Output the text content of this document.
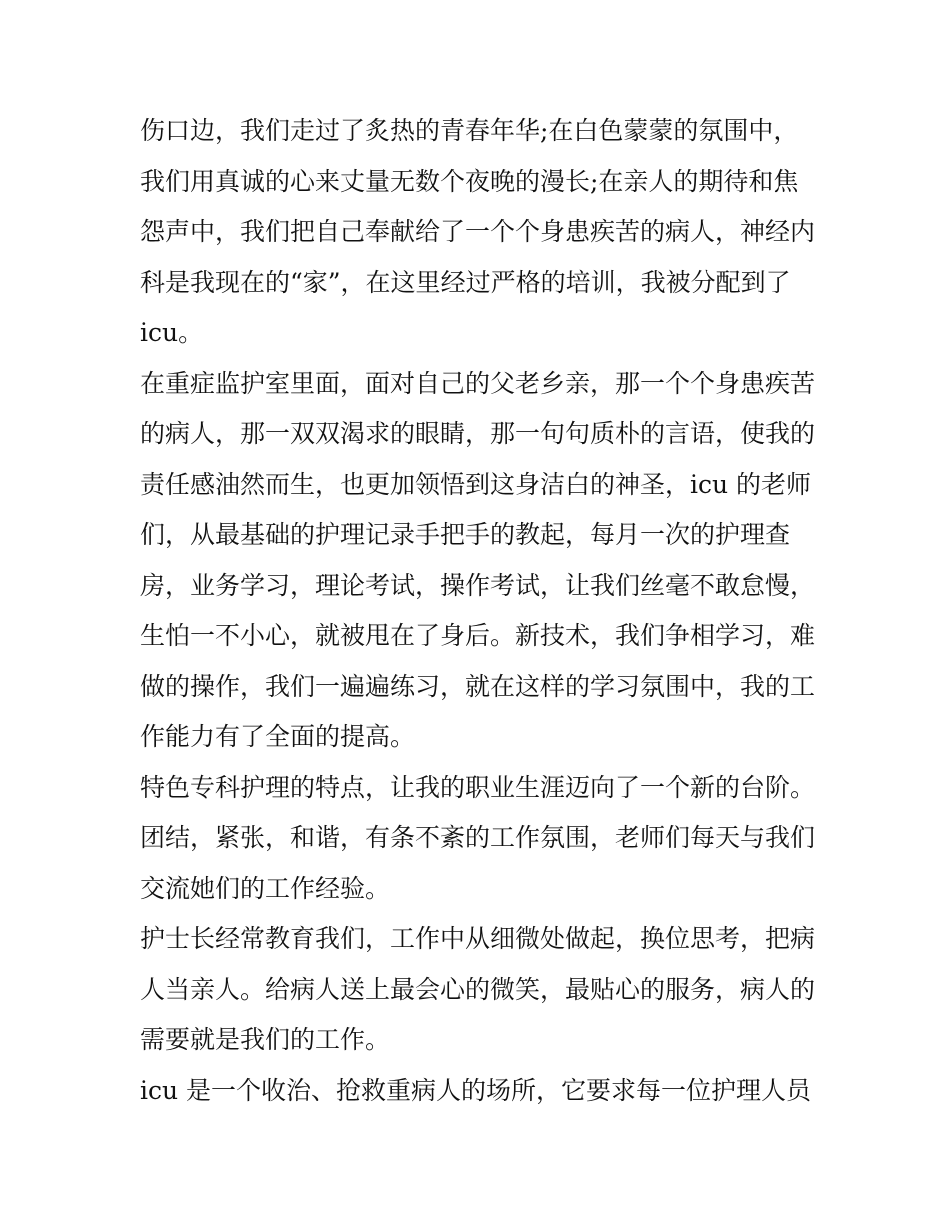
伤口边，我们走过了炙热的青春年华;在白色蒙蒙的氛围中，
我们用真诚的心来丈量无数个夜晚的漫长;在亲人的期待和焦
怨声中，我们把自己奉献给了一个个身患疾苦的病人，神经内
科是我现在的“家”，在这里经过严格的培训，我被分配到了
icu。
在重症监护室里面，面对自己的父老乡亲，那一个个身患疾苦
的病人，那一双双渴求的眼睛，那一句句质朴的言语，使我的
责任感油然而生，也更加领悟到这身洁白的神圣，icu 的老师
们，从最基础的护理记录手把手的教起，每月一次的护理查
房，业务学习，理论考试，操作考试，让我们丝毫不敢怠慢，
生怕一不小心，就被甩在了身后。新技术，我们争相学习，难
做的操作，我们一遍遍练习，就在这样的学习氛围中，我的工
作能力有了全面的提高。
特色专科护理的特点，让我的职业生涯迈向了一个新的台阶。
团结，紧张，和谐，有条不紊的工作氛围，老师们每天与我们
交流她们的工作经验。
护士长经常教育我们，工作中从细微处做起，换位思考，把病
人当亲人。给病人送上最会心的微笑，最贴心的服务，病人的
需要就是我们的工作。
icu 是一个收治、抢救重病人的场所，它要求每一位护理人员
